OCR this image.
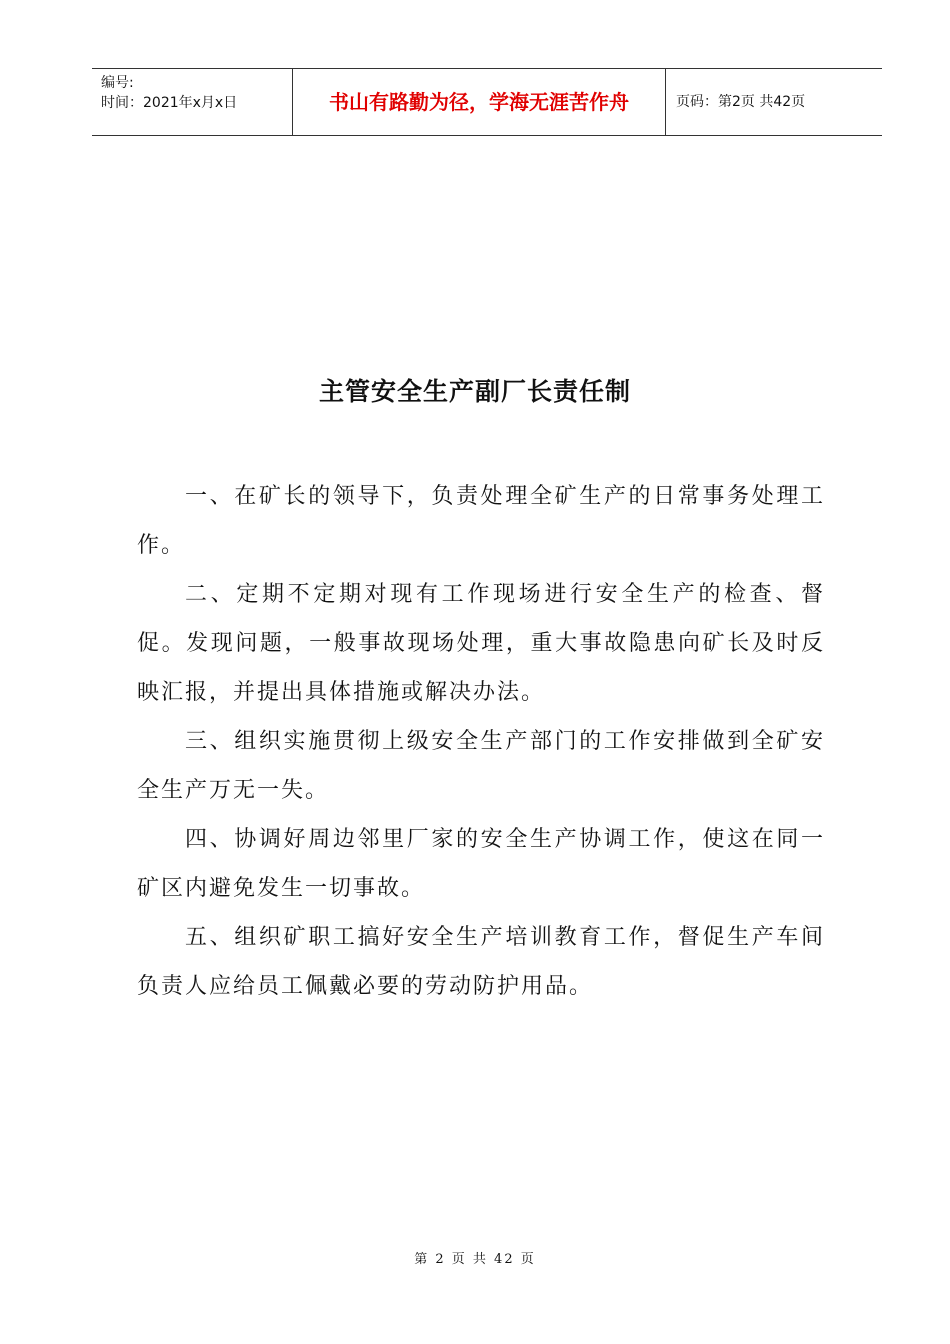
编号:
时间：2021年x月x日	书山有路勤为径，学海无涯苦作舟	页码：第2页 共42页
主管安全生产副厂长责任制

一、在矿长的领导下，负责处理全矿生产的日常事务处理工作。

二、定期不定期对现有工作现场进行安全生产的检查、督促。发现问题，一般事故现场处理，重大事故隐患向矿长及时反映汇报，并提出具体措施或解决办法。

三、组织实施贯彻上级安全生产部门的工作安排做到全矿安全生产万无一失。

四、协调好周边邻里厂家的安全生产协调工作，使这在同一矿区内避免发生一切事故。

五、组织矿职工搞好安全生产培训教育工作，督促生产车间负责人应给员工佩戴必要的劳动防护用品。

第 2 页 共 42 页
